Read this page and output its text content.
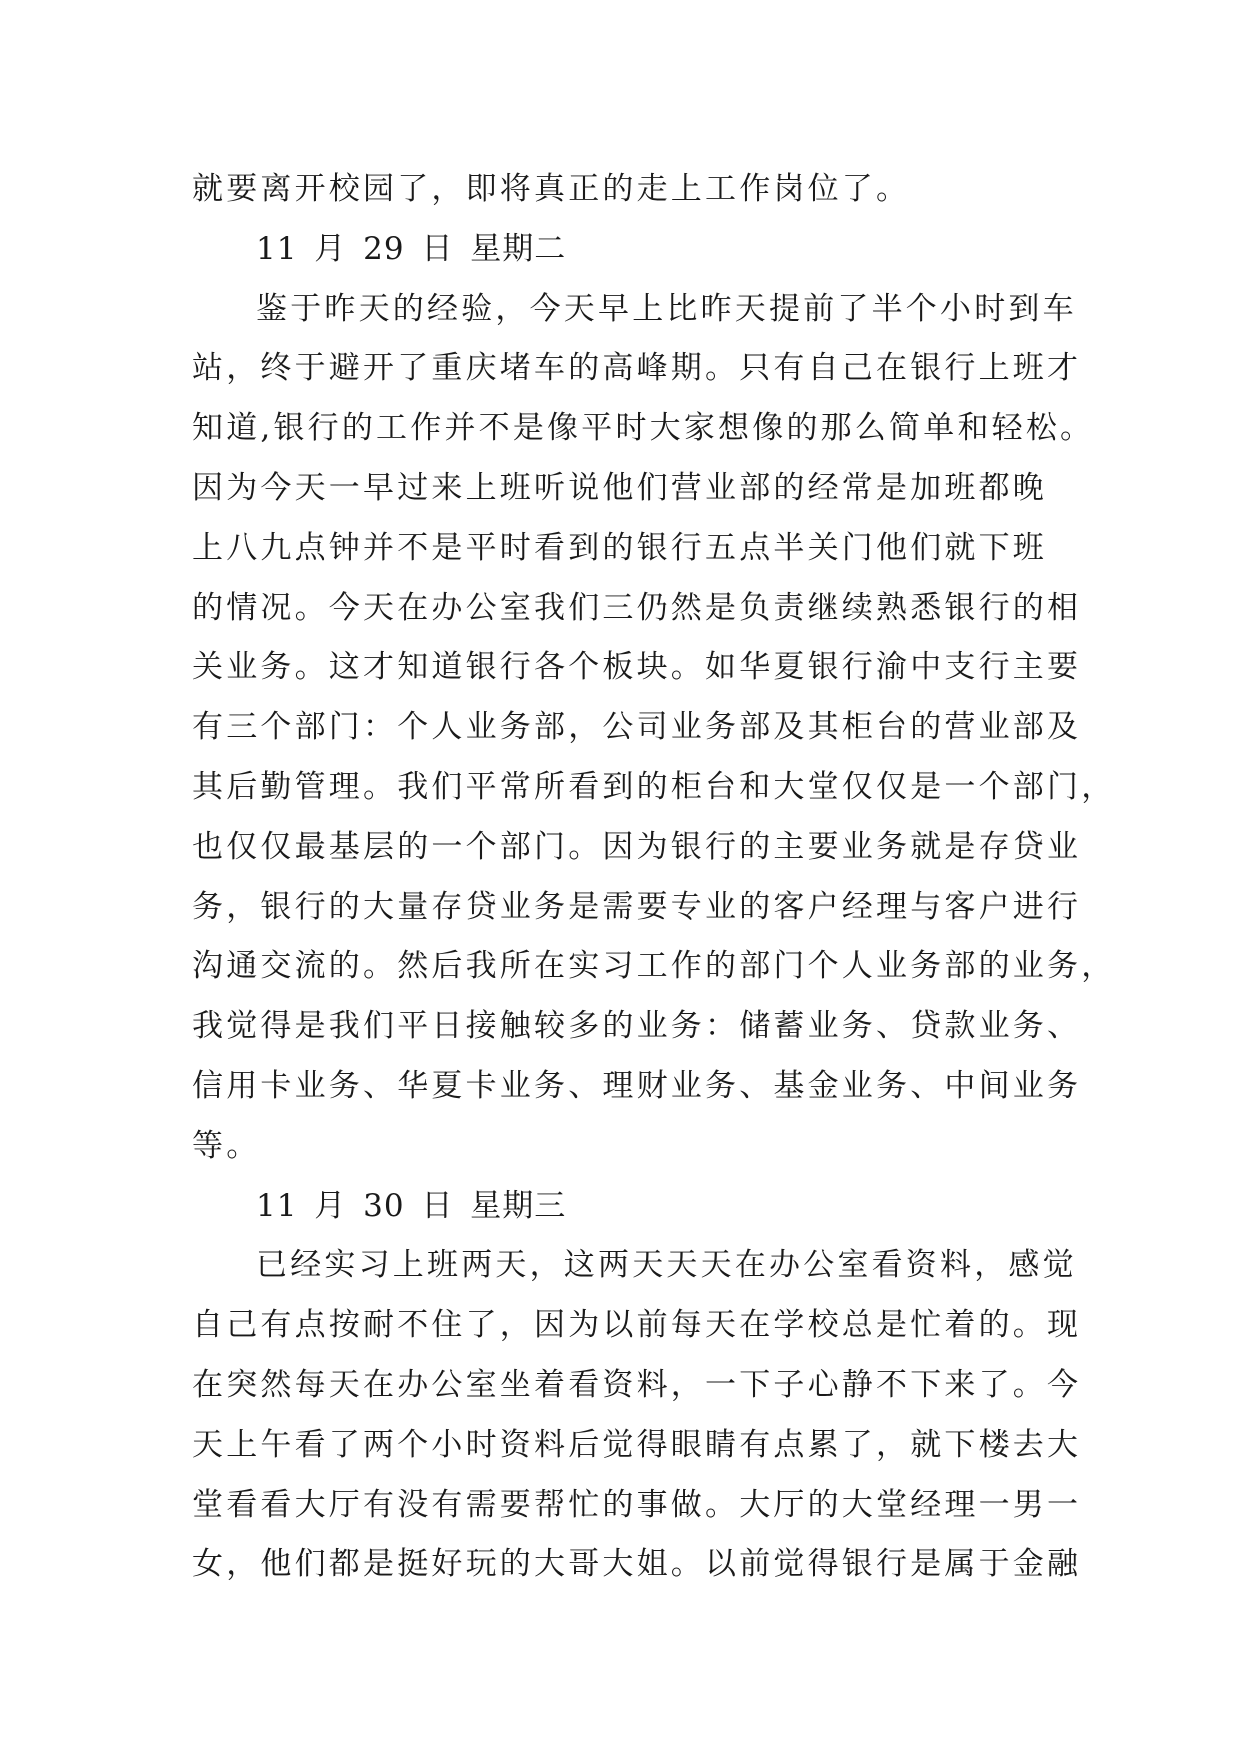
就要离开校园了，即将真正的走上工作岗位了。
11 月 29 日 星期二
鉴于昨天的经验，今天早上比昨天提前了半个小时到车
站，终于避开了重庆堵车的高峰期。只有自己在银行上班才
知道,银行的工作并不是像平时大家想像的那么简单和轻松。
因为今天一早过来上班听说他们营业部的经常是加班都晚
上八九点钟并不是平时看到的银行五点半关门他们就下班
的情况。今天在办公室我们三仍然是负责继续熟悉银行的相
关业务。这才知道银行各个板块。如华夏银行渝中支行主要
有三个部门：个人业务部，公司业务部及其柜台的营业部及
其后勤管理。我们平常所看到的柜台和大堂仅仅是一个部门，
也仅仅最基层的一个部门。因为银行的主要业务就是存贷业
务，银行的大量存贷业务是需要专业的客户经理与客户进行
沟通交流的。然后我所在实习工作的部门个人业务部的业务，
我觉得是我们平日接触较多的业务：储蓄业务、贷款业务、
信用卡业务、华夏卡业务、理财业务、基金业务、中间业务
等。
11 月 30 日 星期三
已经实习上班两天，这两天天天在办公室看资料，感觉
自己有点按耐不住了，因为以前每天在学校总是忙着的。现
在突然每天在办公室坐着看资料，一下子心静不下来了。今
天上午看了两个小时资料后觉得眼睛有点累了，就下楼去大
堂看看大厅有没有需要帮忙的事做。大厅的大堂经理一男一
女，他们都是挺好玩的大哥大姐。以前觉得银行是属于金融
